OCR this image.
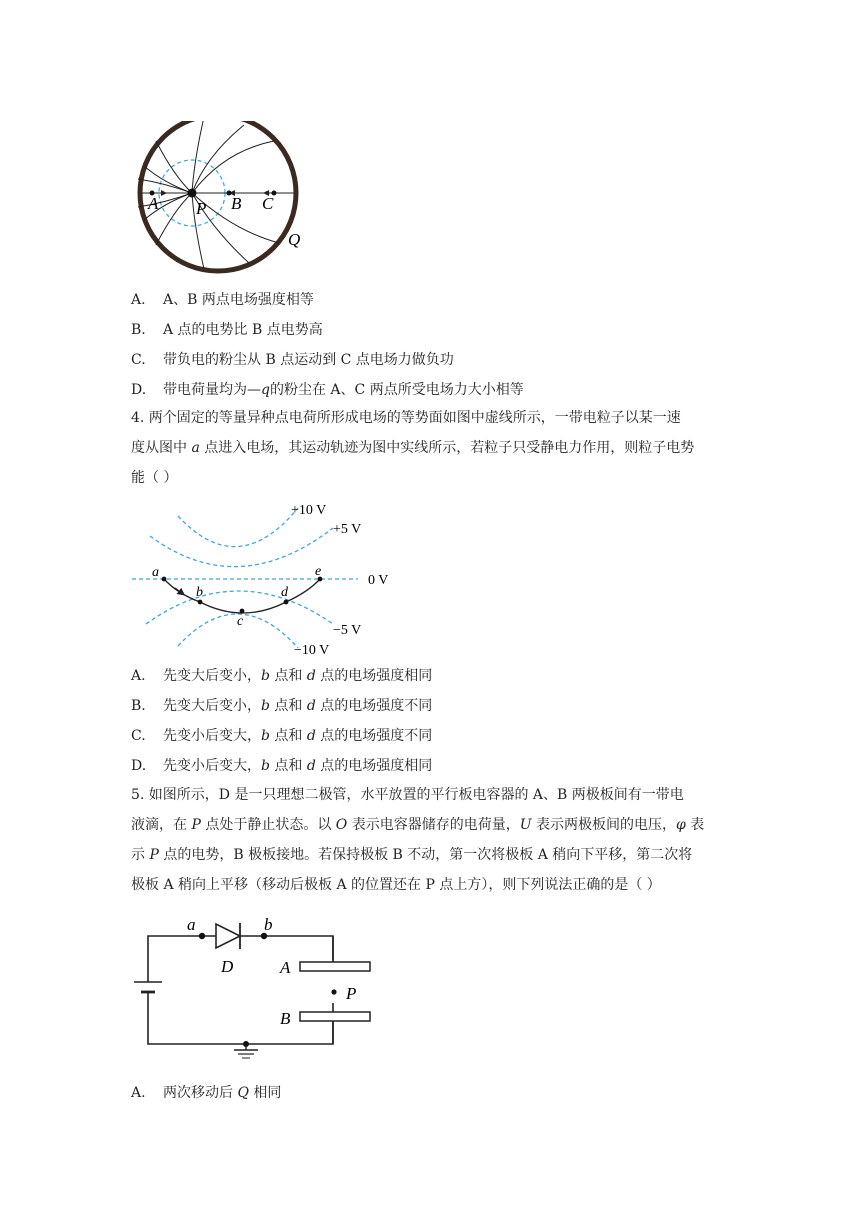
A P B C
Q
A. A、B 两点电场强度相等
B. A 点的电势比 B 点电势高
C. 带负电的粉尘从 B 点运动到 C 点电场力做负功
D. 带电荷量均为—q的粉尘在 A、C 两点所受电场力大小相等
4. 两个固定的等量异种点电荷所形成电场的等势面如图中虚线所示，一带电粒子以某一速
度从图中 a 点进入电场，其运动轨迹为图中实线所示，若粒子只受静电力作用，则粒子电势
能（ ）
a
b
c
d
e
+10 V
+5 V
0 V
−5 V
−10 V
A. 先变大后变小，b 点和 d 点的电场强度相同
B. 先变大后变小，b 点和 d 点的电场强度不同
C. 先变小后变大，b 点和 d 点的电场强度不同
D. 先变小后变大，b 点和 d 点的电场强度相同
5. 如图所示，D 是一只理想二极管，水平放置的平行板电容器的 A、B 两极板间有一带电
液滴，在 P 点处于静止状态。以 O 表示电容器储存的电荷量，U 表示两极板间的电压，φ 表
示 P 点的电势，B 极板接地。若保持极板 B 不动，第一次将极板 A 稍向下平移，第二次将
极板 A 稍向上平移（移动后极板 A 的位置还在 P 点上方），则下列说法正确的是（ ）
a	b
D	A
B
P
A. 两次移动后 Q 相同
